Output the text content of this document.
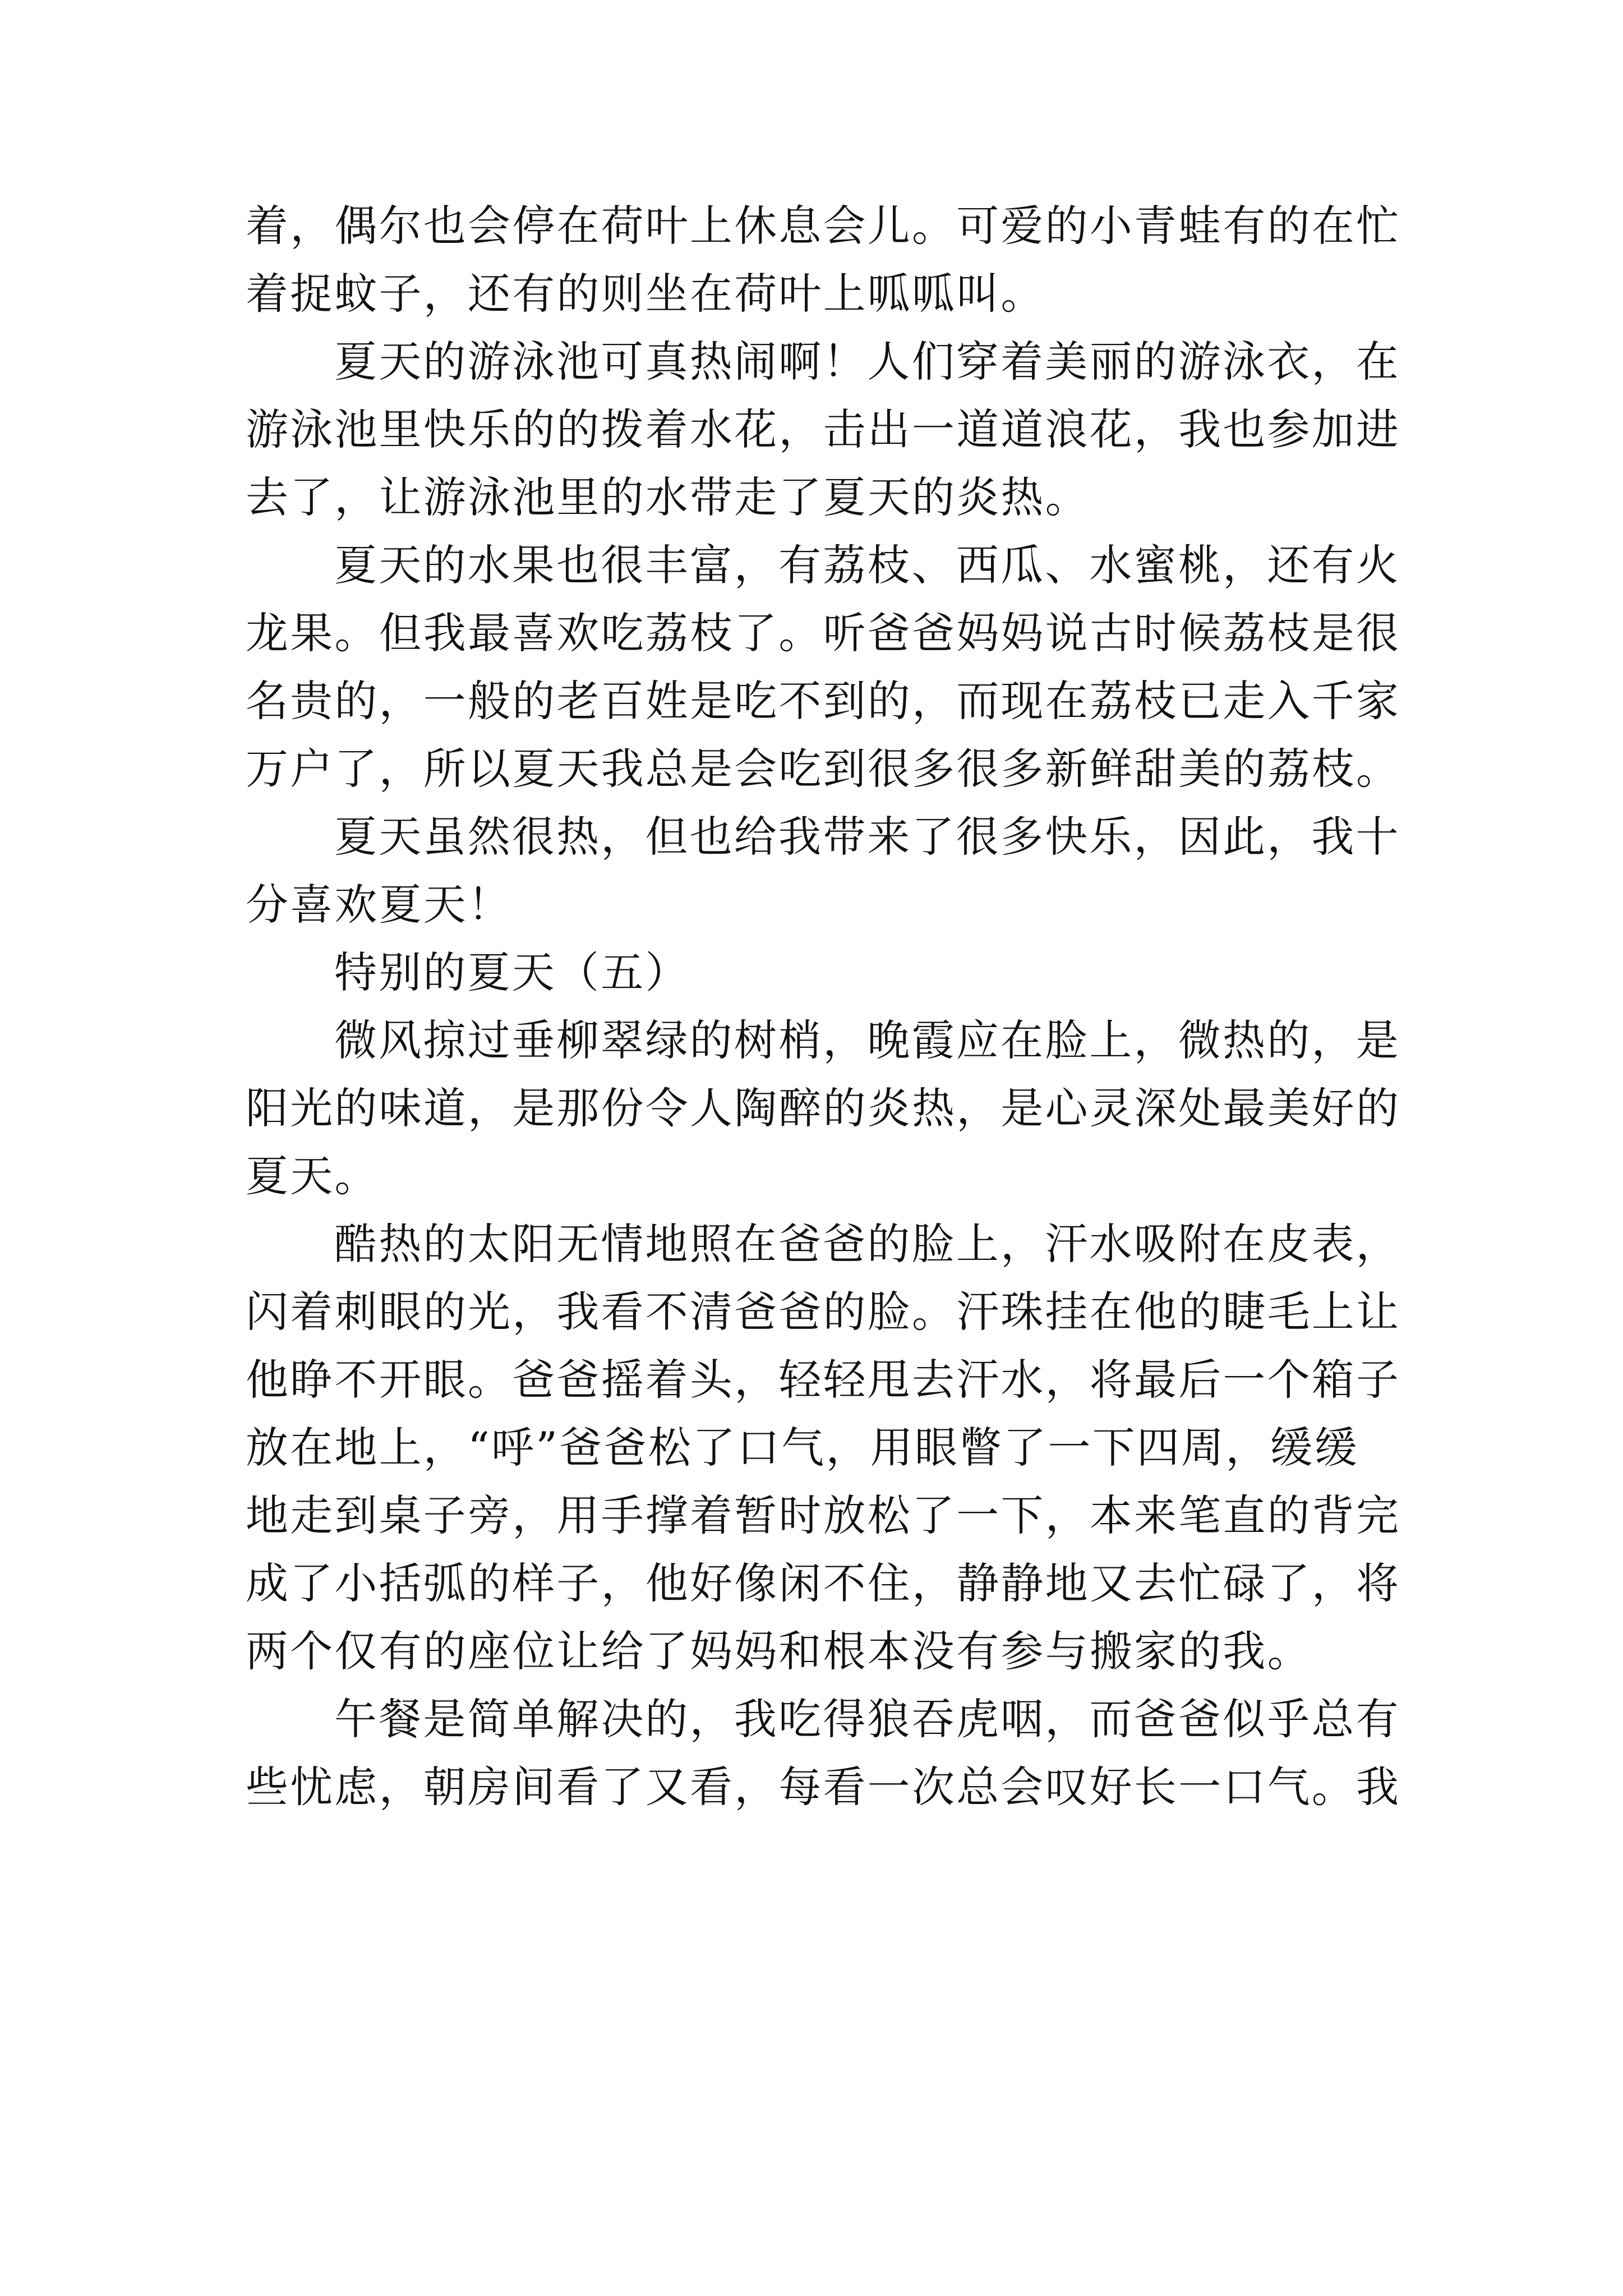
着，偶尔也会停在荷叶上休息会儿。可爱的小青蛙有的在忙
着捉蚊子，还有的则坐在荷叶上呱呱叫。
夏天的游泳池可真热闹啊！人们穿着美丽的游泳衣，在
游泳池里快乐的的拨着水花，击出一道道浪花，我也参加进
去了，让游泳池里的水带走了夏天的炎热。
夏天的水果也很丰富，有荔枝、西瓜、水蜜桃，还有火
龙果。但我最喜欢吃荔枝了。听爸爸妈妈说古时候荔枝是很
名贵的，一般的老百姓是吃不到的，而现在荔枝已走入千家
万户了，所以夏天我总是会吃到很多很多新鲜甜美的荔枝。
夏天虽然很热，但也给我带来了很多快乐，因此，我十
分喜欢夏天！
特别的夏天（五）
微风掠过垂柳翠绿的树梢，晚霞应在脸上，微热的，是
阳光的味道，是那份令人陶醉的炎热，是心灵深处最美好的
夏天。
酷热的太阳无情地照在爸爸的脸上，汗水吸附在皮表，
闪着刺眼的光，我看不清爸爸的脸。汗珠挂在他的睫毛上让
他睁不开眼。爸爸摇着头，轻轻甩去汗水，将最后一个箱子
放在地上，“呼”爸爸松了口气，用眼瞥了一下四周，缓缓
地走到桌子旁，用手撑着暂时放松了一下，本来笔直的背完
成了小括弧的样子，他好像闲不住，静静地又去忙碌了，将
两个仅有的座位让给了妈妈和根本没有参与搬家的我。
午餐是简单解决的，我吃得狼吞虎咽，而爸爸似乎总有
些忧虑，朝房间看了又看，每看一次总会叹好长一口气。我
